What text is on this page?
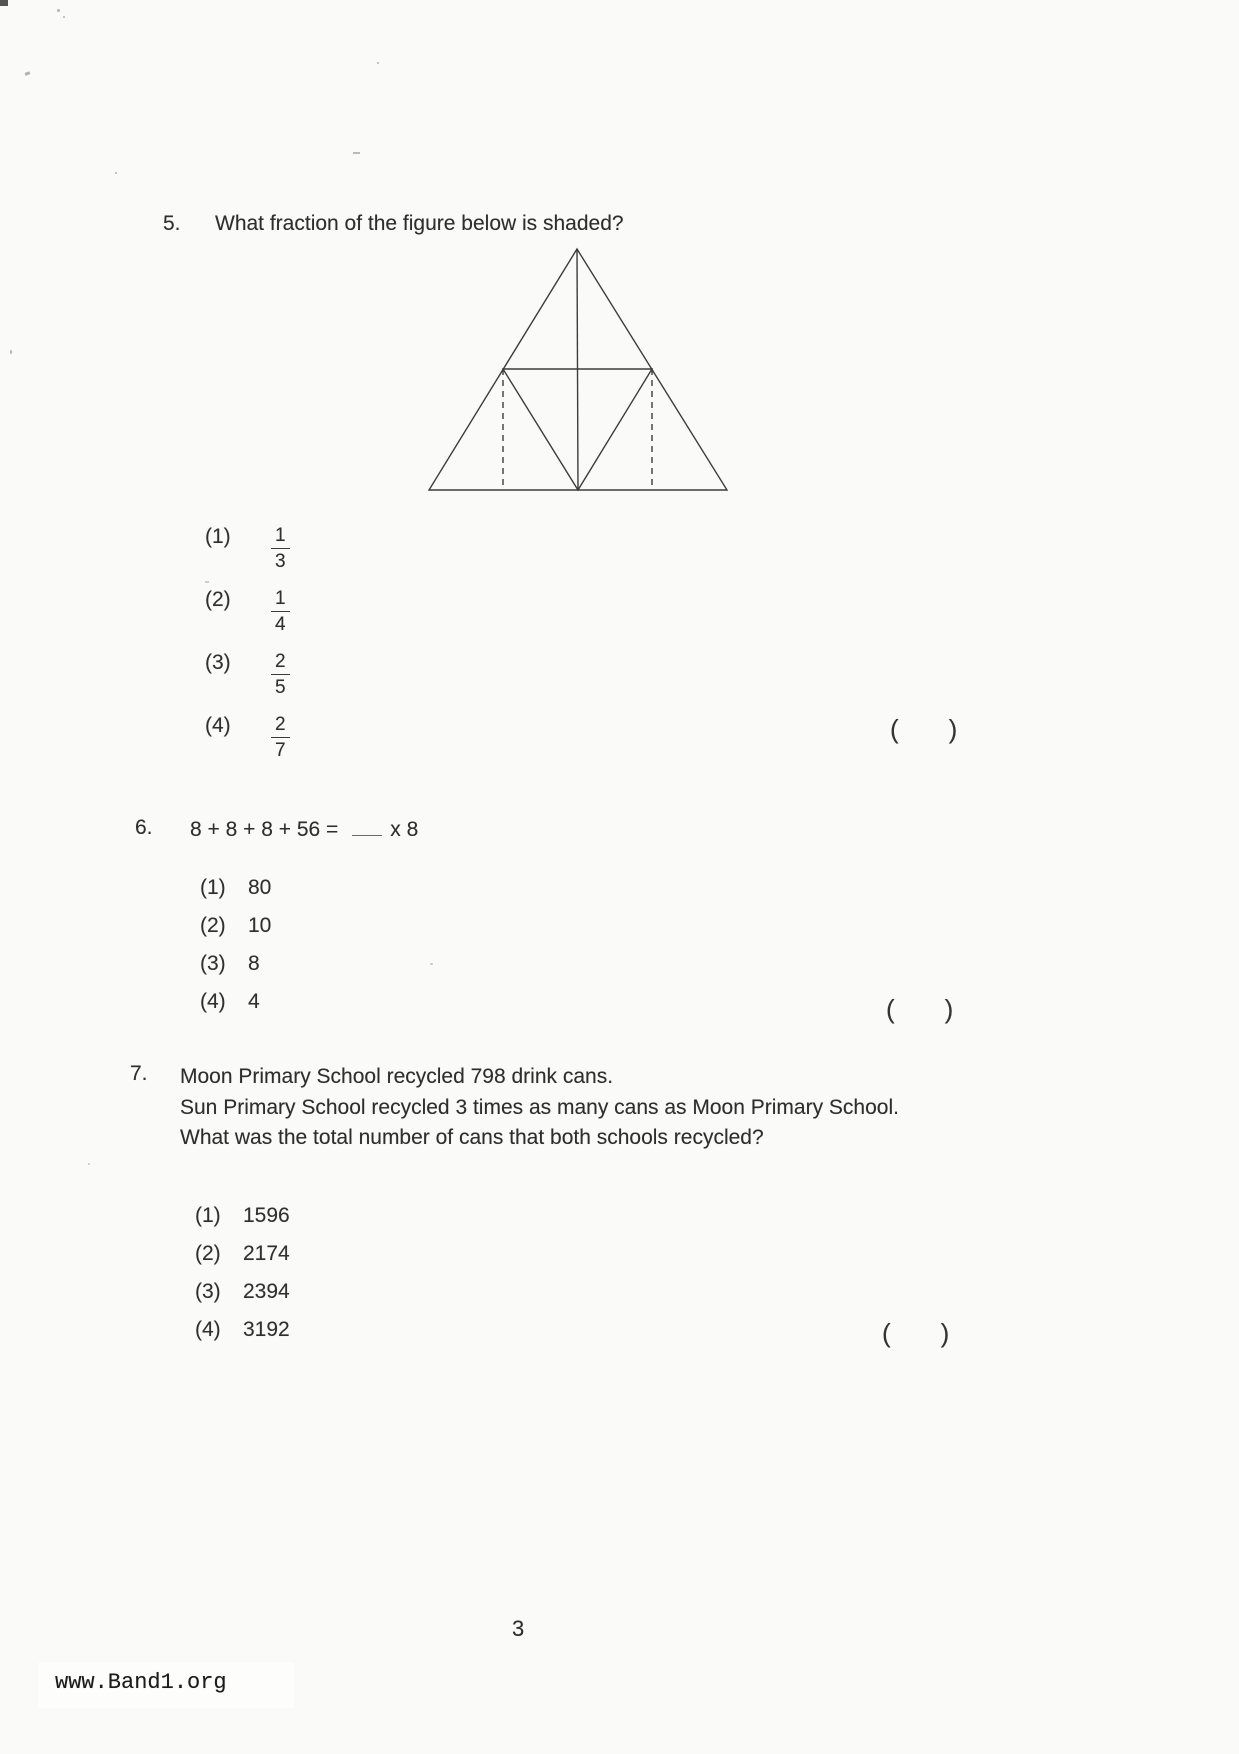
5. What fraction of the figure below is shaded?
(1)	$\frac{1}{3}$
(2)	$\frac{1}{4}$
(3)	$\frac{2}{5}$
(4)	$\frac{2}{7}$	( )
6. 8 + 8 + 8 + 56 = x 8
(1)	80
(2)	10
(3)	8
(4)	4	( )
7. Moon Primary School recycled 798 drink cans.
Sun Primary School recycled 3 times as many cans as Moon Primary School.
What was the total number of cans that both schools recycled?
(1)	1596
(2)	2174
(3)	2394
(4)	3192	( )
3
www.Band1.org
